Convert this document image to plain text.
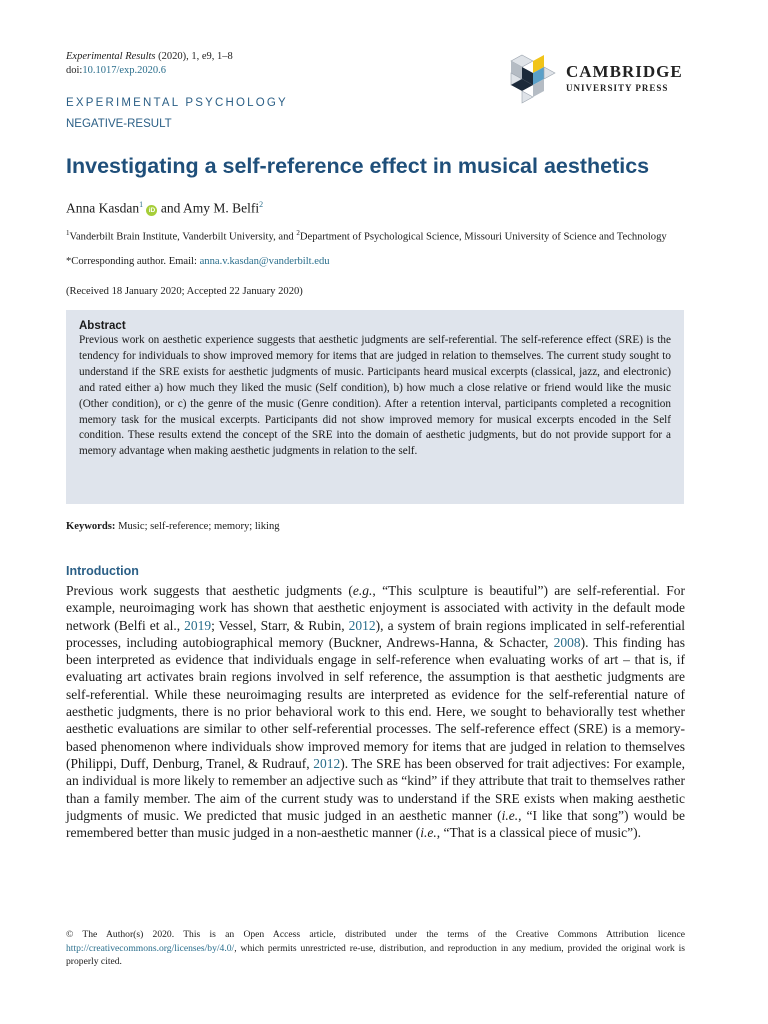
Experimental Results (2020), 1, e9, 1–8
doi:10.1017/exp.2020.6	CAMBRIDGE
UNIVERSITY PRESS
EXPERIMENTAL PSYCHOLOGY
NEGATIVE-RESULT
Investigating a self-reference effect in musical aesthetics
Anna Kasdan$^1$ iD and Amy M. Belfi$^2$
$^1$Vanderbilt Brain Institute, Vanderbilt University, and $^2$Department of Psychological Science, Missouri University of Science and Technology
*Corresponding author. Email: anna.v.kasdan@vanderbilt.edu
(Received 18 January 2020; Accepted 22 January 2020)
Abstract
Previous work on aesthetic experience suggests that aesthetic judgments are self-referential. The self-reference effect (SRE) is the tendency for individuals to show improved memory for items that are judged in relation to themselves. The current study sought to understand if the SRE exists for aesthetic judgments of music. Participants heard musical excerpts (classical, jazz, and electronic) and rated either a) how much they liked the music (Self condition), b) how much a close relative or friend would like the music (Other condition), or c) the genre of the music (Genre condition). After a retention interval, participants completed a recognition memory task for the musical excerpts. Participants did not show improved memory for musical excerpts encoded in the Self condition. These results extend the concept of the SRE into the domain of aesthetic judgments, but do not provide support for a memory advantage when making aesthetic judgments in relation to the self.
Keywords: Music; self-reference; memory; liking
Introduction
Previous work suggests that aesthetic judgments (e.g., “This sculpture is beautiful”) are self-referential. For example, neuroimaging work has shown that aesthetic enjoyment is associated with activity in the default mode network (Belfi et al., 2019; Vessel, Starr, & Rubin, 2012), a system of brain regions implicated in self-referential processes, including autobiographical memory (Buckner, Andrews-Hanna, & Schacter, 2008). This finding has been interpreted as evidence that individuals engage in self-reference when evaluating works of art – that is, if evaluating art activates brain regions involved in self reference, the assumption is that aesthetic judgments are self-referential. While these neuroimaging results are interpreted as evidence for the self-referential nature of aesthetic judgments, there is no prior behavioral work to this end. Here, we sought to behaviorally test whether aesthetic evaluations are similar to other self-referential processes. The self-reference effect (SRE) is a memory-based phenomenon where individuals show improved memory for items that are judged in relation to themselves (Philippi, Duff, Denburg, Tranel, & Rudrauf, 2012). The SRE has been observed for trait adjectives: For example, an individual is more likely to remember an adjective such as “kind” if they attribute that trait to themselves rather than a family member. The aim of the current study was to understand if the SRE exists when making aesthetic judgments of music. We predicted that music judged in an aesthetic manner (i.e., “I like that song”) would be remembered better than music judged in a non-aesthetic manner (i.e., “That is a classical piece of music”).
© The Author(s) 2020. This is an Open Access article, distributed under the terms of the Creative Commons Attribution licence http://creativecommons.org/licenses/by/4.0/, which permits unrestricted re-use, distribution, and reproduction in any medium, provided the original work is properly cited.
